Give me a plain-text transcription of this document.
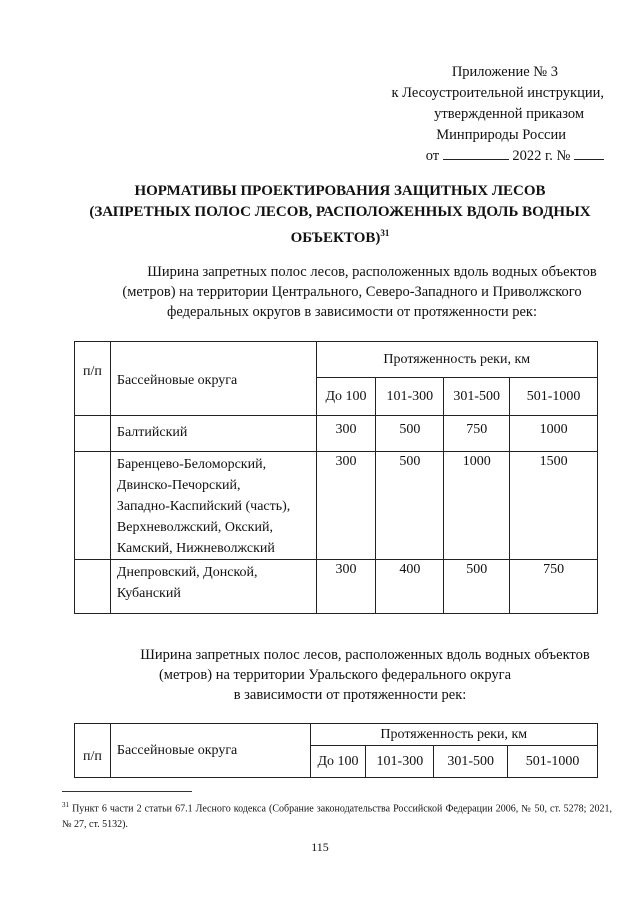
Приложение № 3
к Лесоустроительной инструкции,
утвержденной приказом
Минприроды России
от	2022 г. №
НОРМАТИВЫ ПРОЕКТИРОВАНИЯ ЗАЩИТНЫХ ЛЕСОВ
(ЗАПРЕТНЫХ ПОЛОС ЛЕСОВ, РАСПОЛОЖЕННЫХ ВДОЛЬ ВОДНЫХ
ОБЪЕКТОВ)$^{31}$
Ширина запретных полос лесов, расположенных вдоль водных объектов
(метров) на территории Центрального, Северо-Западного и Приволжского
федеральных округов в зависимости от протяженности рек:
п/п	Бассейновые округа	Протяженность реки, км			
		До 100	101-300	301-500	501-1000

	Балтийский	300	500	750	1000

	Баренцево-Беломорский,
Двинско-Печорский,
Западно-Каспийский (часть),
Верхневолжский, Окский,
Камский, Нижневолжский	300	500	1000	1500

	Днепровский, Донской,
Кубанский	300	400	500	750
Ширина запретных полос лесов, расположенных вдоль водных объектов
(метров) на территории Уральского федерального округа
в зависимости от протяженности рек:
п/п	Бассейновые округа	Протяженность реки, км			
		До 100	101-300	301-500	501-1000
$^{31}$ Пункт 6 части 2 статьи 67.1 Лесного кодекса (Собрание законодательства Российской Федерации 2006, № 50, ст. 5278; 2021, № 27, ст. 5132).
115
